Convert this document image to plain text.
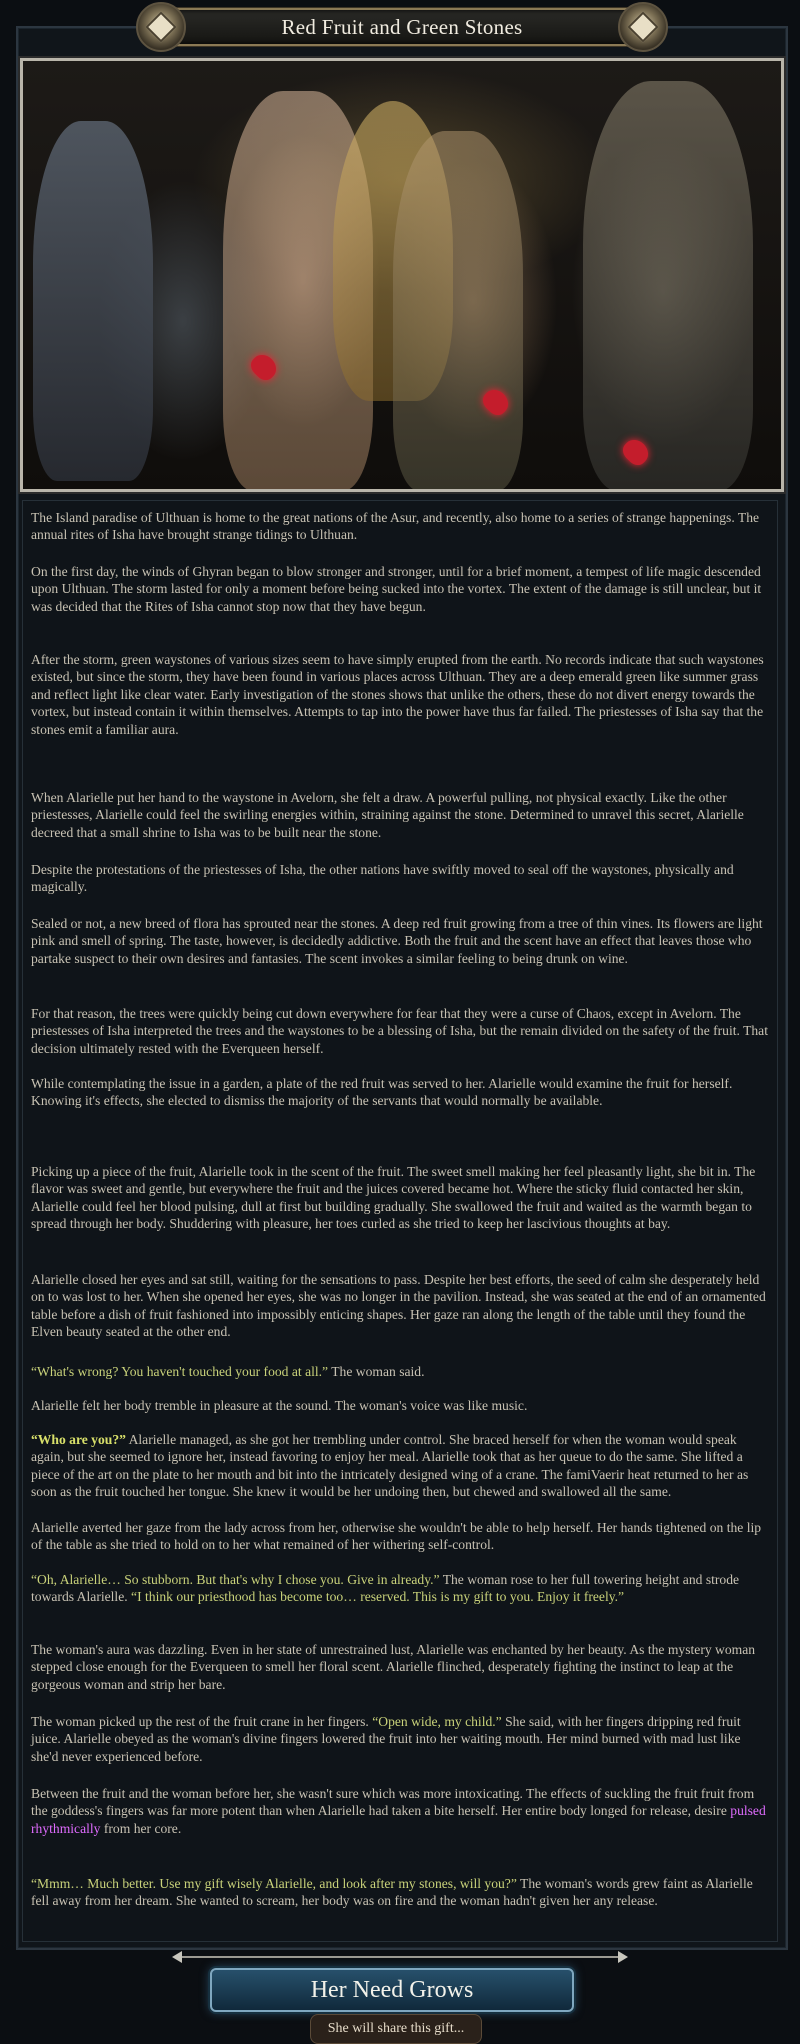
Red Fruit and Green Stones

The Island paradise of Ulthuan is home to the great nations of the Asur, and recently, also home to a series of strange happenings. The annual rites of Isha have brought strange tidings to Ulthuan.

On the first day, the winds of Ghyran began to blow stronger and stronger, until for a brief moment, a tempest of life magic descended upon Ulthuan. The storm lasted for only a moment before being sucked into the vortex. The extent of the damage is still unclear, but it was decided that the Rites of Isha cannot stop now that they have begun.

After the storm, green waystones of various sizes seem to have simply erupted from the earth. No records indicate that such waystones existed, but since the storm, they have been found in various places across Ulthuan. They are a deep emerald green like summer grass and reflect light like clear water. Early investigation of the stones shows that unlike the others, these do not divert energy towards the vortex, but instead contain it within themselves. Attempts to tap into the power have thus far failed. The priestesses of Isha say that the stones emit a familiar aura.

When Alarielle put her hand to the waystone in Avelorn, she felt a draw. A powerful pulling, not physical exactly. Like the other priestesses, Alarielle could feel the swirling energies within, straining against the stone. Determined to unravel this secret, Alarielle decreed that a small shrine to Isha was to be built near the stone.

Despite the protestations of the priestesses of Isha, the other nations have swiftly moved to seal off the waystones, physically and magically.

Sealed or not, a new breed of flora has sprouted near the stones. A deep red fruit growing from a tree of thin vines. Its flowers are light pink and smell of spring. The taste, however, is decidedly addictive. Both the fruit and the scent have an effect that leaves those who partake suspect to their own desires and fantasies. The scent invokes a similar feeling to being drunk on wine.

For that reason, the trees were quickly being cut down everywhere for fear that they were a curse of Chaos, except in Avelorn. The priestesses of Isha interpreted the trees and the waystones to be a blessing of Isha, but the remain divided on the safety of the fruit. That decision ultimately rested with the Everqueen herself.

While contemplating the issue in a garden, a plate of the red fruit was served to her. Alarielle would examine the fruit for herself. Knowing it's effects, she elected to dismiss the majority of the servants that would normally be available.

Picking up a piece of the fruit, Alarielle took in the scent of the fruit. The sweet smell making her feel pleasantly light, she bit in. The flavor was sweet and gentle, but everywhere the fruit and the juices covered became hot. Where the sticky fluid contacted her skin, Alarielle could feel her blood pulsing, dull at first but building gradually. She swallowed the fruit and waited as the warmth began to spread through her body. Shuddering with pleasure, her toes curled as she tried to keep her lascivious thoughts at bay.

Alarielle closed her eyes and sat still, waiting for the sensations to pass. Despite her best efforts, the seed of calm she desperately held on to was lost to her. When she opened her eyes, she was no longer in the pavilion. Instead, she was seated at the end of an ornamented table before a dish of fruit fashioned into impossibly enticing shapes. Her gaze ran along the length of the table until they found the Elven beauty seated at the other end.

“What's wrong? You haven't touched your food at all.” The woman said.

Alarielle felt her body tremble in pleasure at the sound. The woman's voice was like music.

“Who are you?” Alarielle managed, as she got her trembling under control. She braced herself for when the woman would speak again, but she seemed to ignore her, instead favoring to enjoy her meal. Alarielle took that as her queue to do the same. She lifted a piece of the art on the plate to her mouth and bit into the intricately designed wing of a crane. The famiVaerir heat returned to her as soon as the fruit touched her tongue. She knew it would be her undoing then, but chewed and swallowed all the same.

Alarielle averted her gaze from the lady across from her, otherwise she wouldn't be able to help herself. Her hands tightened on the lip of the table as she tried to hold on to her what remained of her withering self-control.

“Oh, Alarielle… So stubborn. But that's why I chose you. Give in already.” The woman rose to her full towering height and strode towards Alarielle. “I think our priesthood has become too… reserved. This is my gift to you. Enjoy it freely.”

The woman's aura was dazzling. Even in her state of unrestrained lust, Alarielle was enchanted by her beauty. As the mystery woman stepped close enough for the Everqueen to smell her floral scent. Alarielle flinched, desperately fighting the instinct to leap at the gorgeous woman and strip her bare.

The woman picked up the rest of the fruit crane in her fingers. “Open wide, my child.” She said, with her fingers dripping red fruit juice. Alarielle obeyed as the woman's divine fingers lowered the fruit into her waiting mouth. Her mind burned with mad lust like she'd never experienced before.

Between the fruit and the woman before her, she wasn't sure which was more intoxicating. The effects of suckling the fruit fruit from the goddess's fingers was far more potent than when Alarielle had taken a bite herself. Her entire body longed for release, desire pulsed rhythmically from her core.

“Mmm… Much better. Use my gift wisely Alarielle, and look after my stones, will you?” The woman's words grew faint as Alarielle fell away from her dream. She wanted to scream, her body was on fire and the woman hadn't given her any release.

Her Need Grows
She will share this gift...
